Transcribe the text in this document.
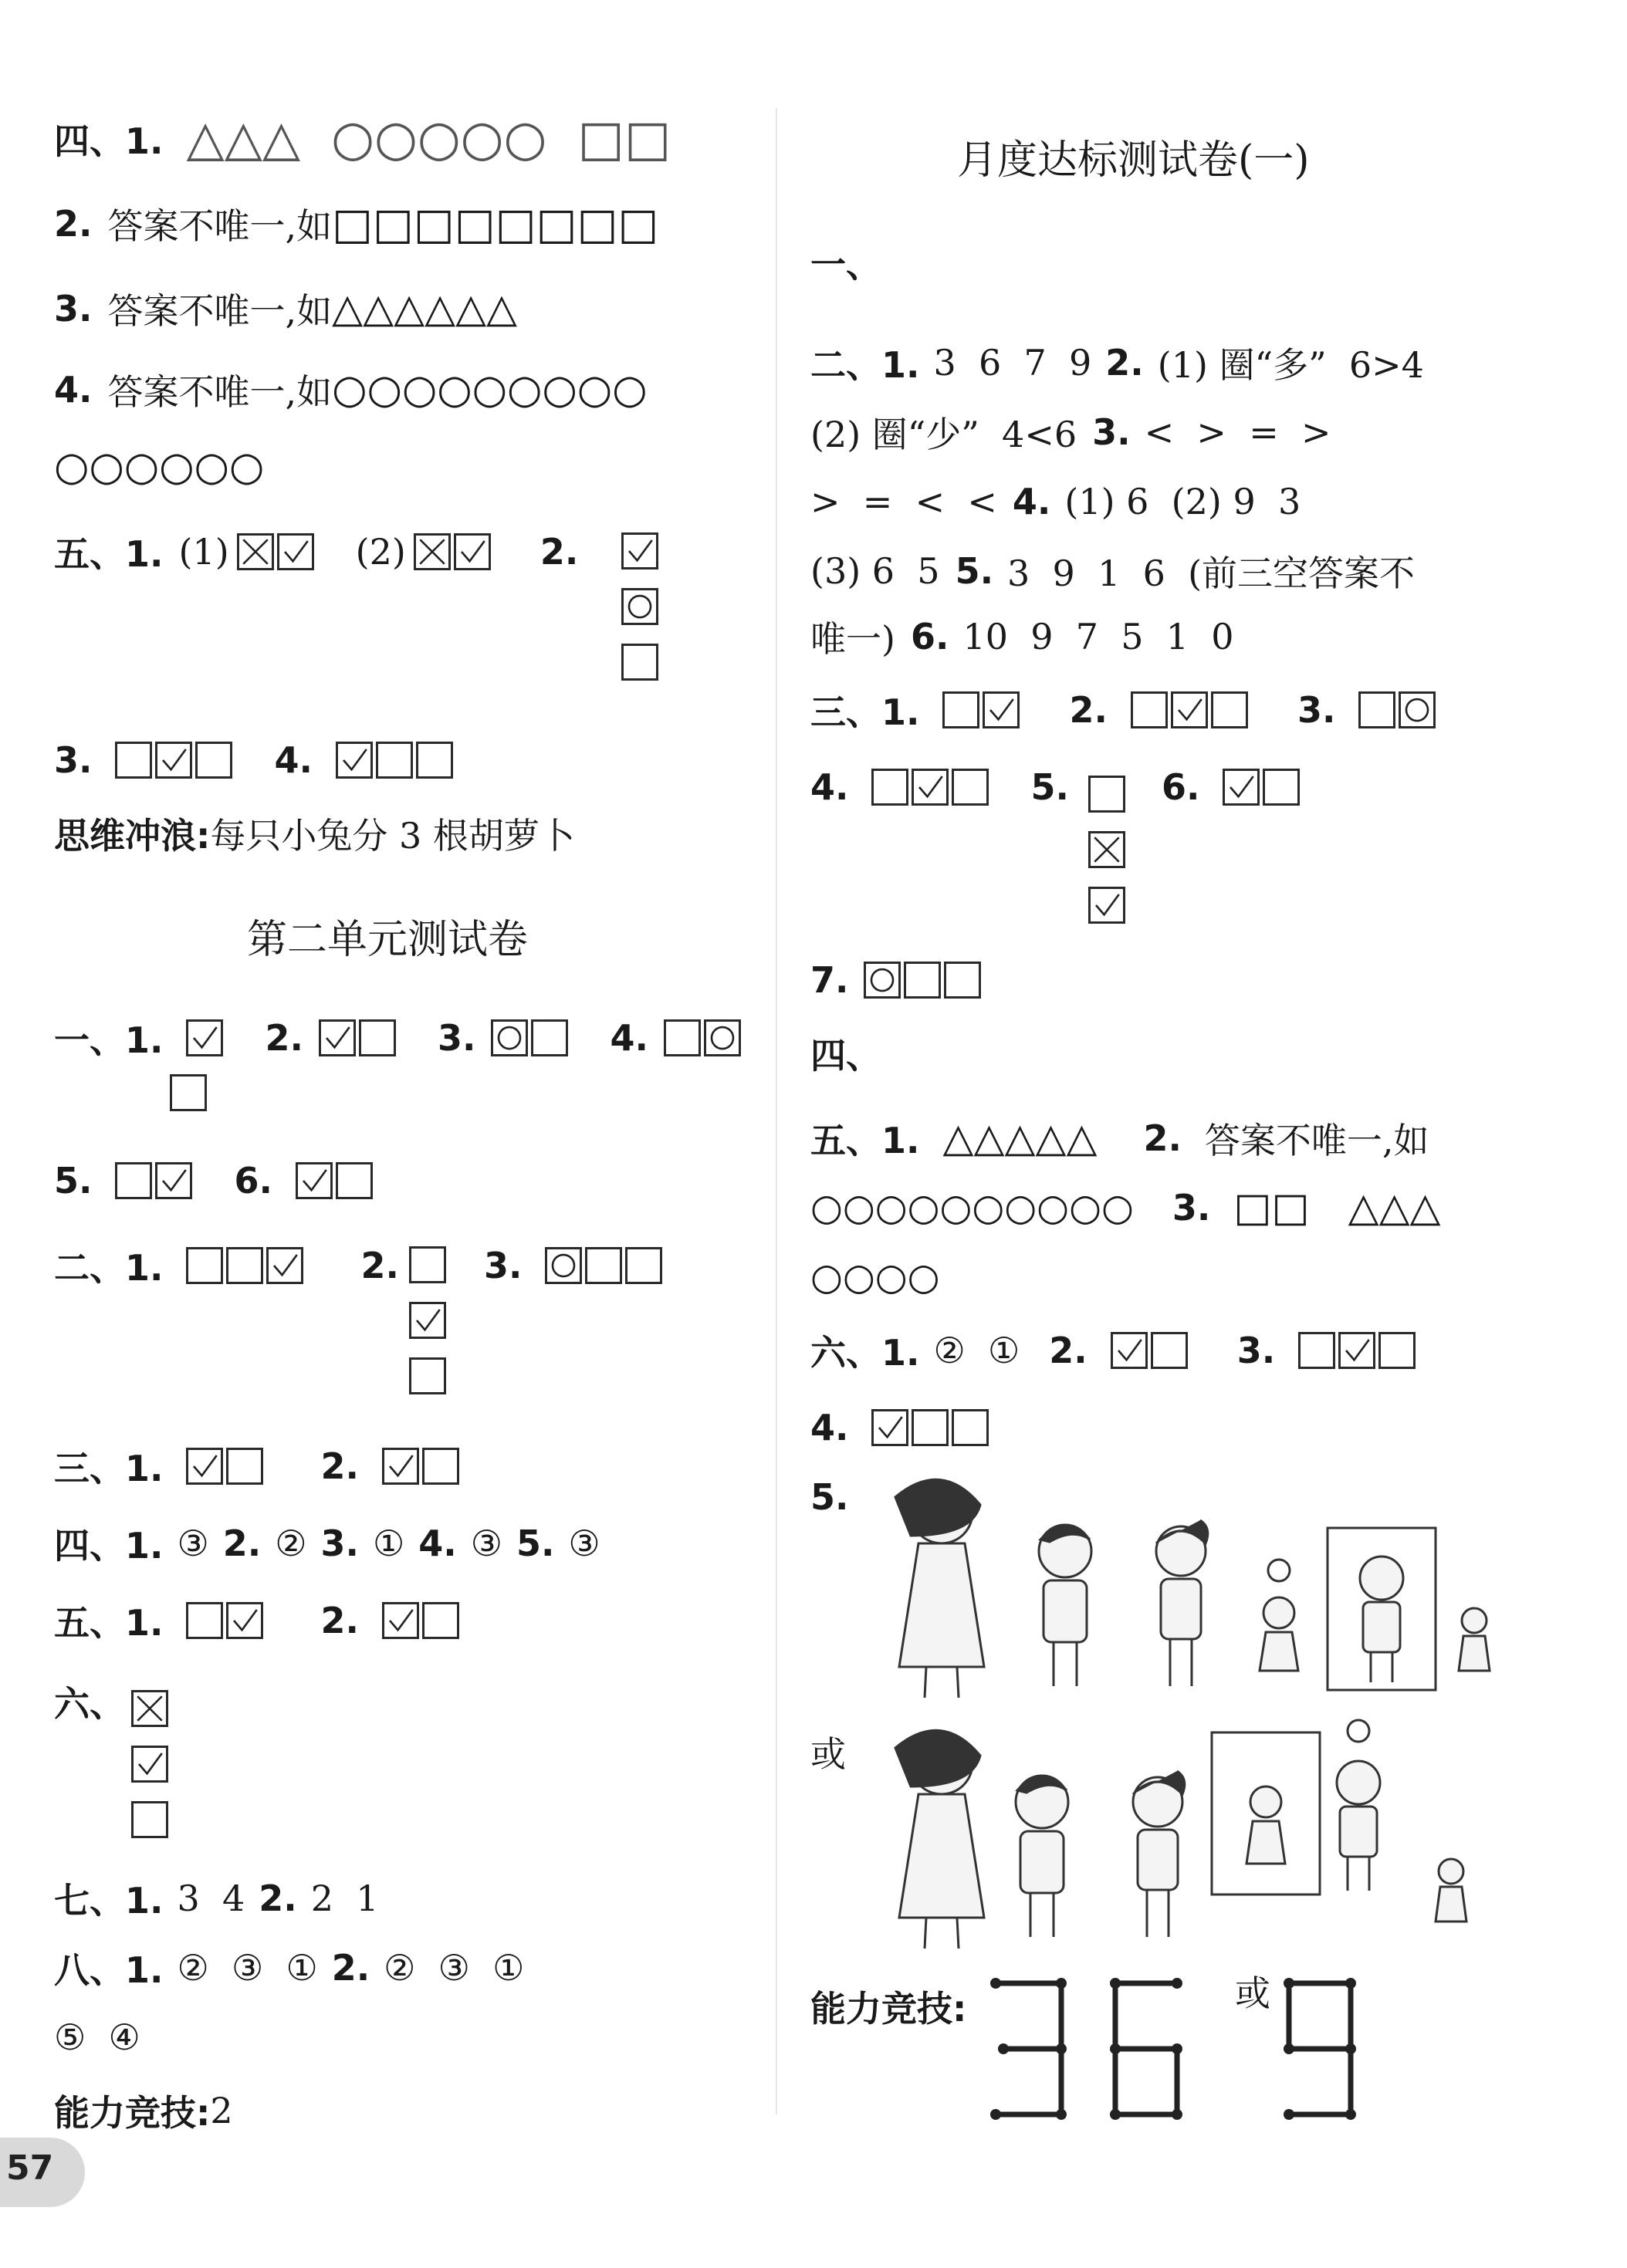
四、1. △△△ ○○○○○ □□
2. 答案不唯一,如 □□□□□□□□
3. 答案不唯一,如 △△△△△△
4. 答案不唯一,如 ○○○○○○○○○
○○○○○○
五、1. (1)	(2)	2.
3.	4.
思维冲浪: 每只小兔分 3 根胡萝卜
第二单元测试卷
一、1.	2.	3.	4.
5.	6.
二、1.	2. 3.
三、1.	2.
四、1. ③ 2. ② 3. ① 4. ③ 5. ③
五、1.	2.
六、
七、1. 3  4 2. 2  1
八、1. ②  ③  ① 2. ②  ③  ①
⑤  ④
能力竞技: 2
月度达标测试卷(一)
一、
二、1. 3  6  7  9 2. (1) 圈“多”  6>4
(2) 圈“少”  4<6 3. <  >  =  >
>  =  <  < 4. (1) 6  (2) 9  3
(3) 6  5 5. 3  9  1  6  (前三空答案不
唯一) 6. 10  9  7  5  1  0
三、1.	2.	3.
4.	5.	6.
7.
四、
五、1. △△△△△ 2. 答案不唯一,如
○○○○○○○○○○ 3. □□ △△△
○○○○
六、1. ②  ① 2.	3.
4.
5.
或
能力竞技:	或
57
